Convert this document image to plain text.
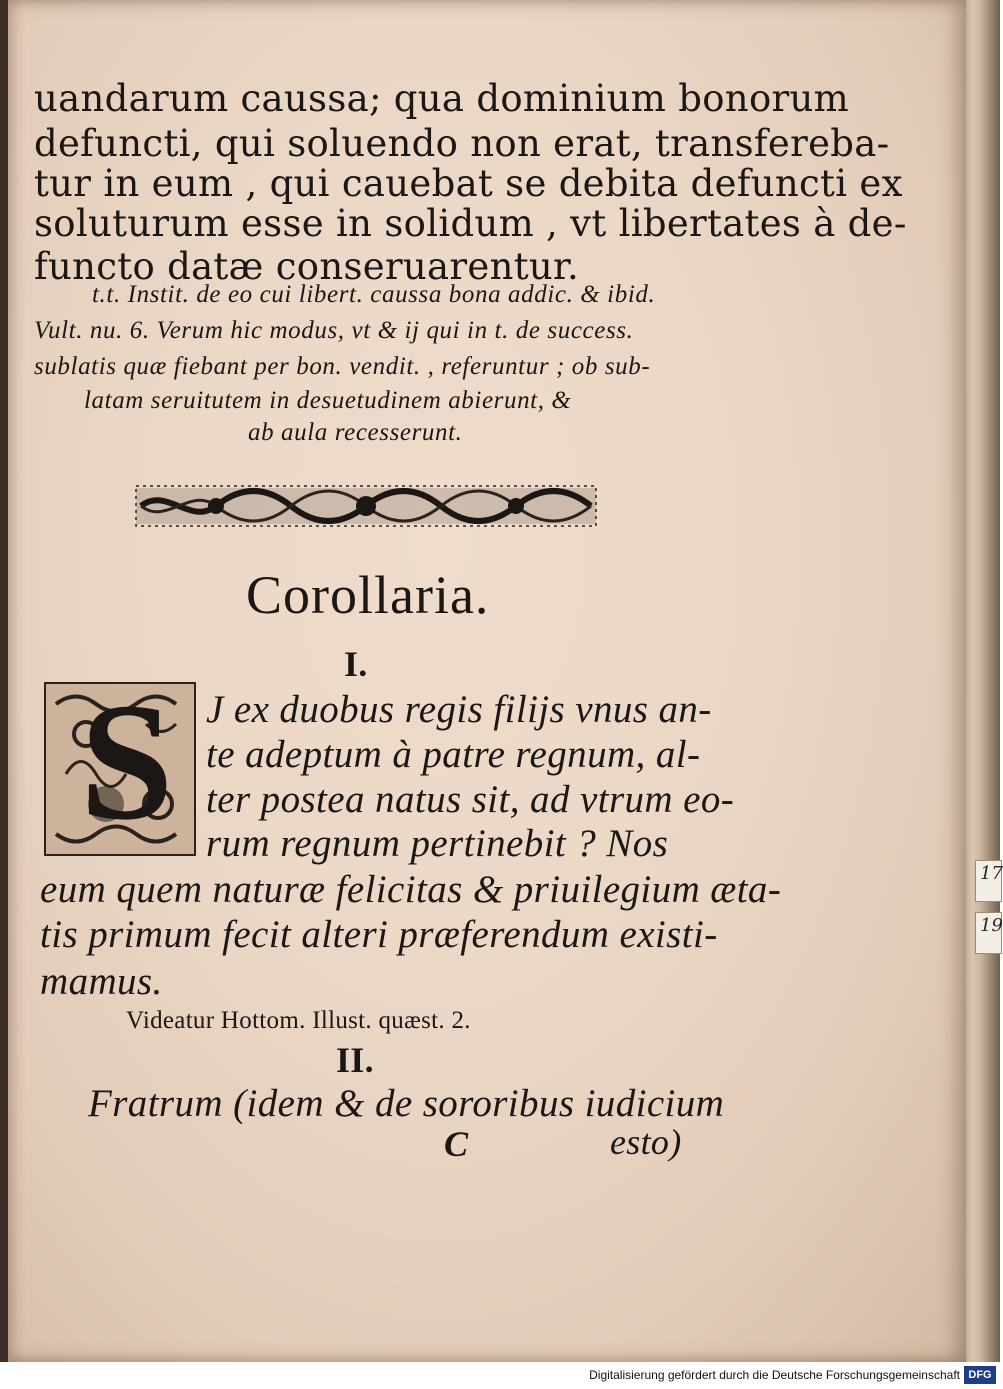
17
19
uandarum caussa; qua dominium bonorum
defuncti, qui soluendo non erat, transfereba-
tur in eum , qui cauebat se debita defuncti ex
soluturum esse in solidum , vt libertates à de-
functo datæ conseruarentur.
t.t. Instit. de eo cui libert. caussa bona addic. & ibid.
Vult. nu. 6. Verum hic modus, vt & ij qui in t. de success.
sublatis quæ fiebant per bon. vendit. , referuntur ; ob sub-
latam seruitutem in desuetudinem abierunt, &
ab aula recesserunt.
Corollaria.
I.
S J ex duobus regis filijs vnus an-
te adeptum à patre regnum, al-
ter postea natus sit, ad vtrum eo-
rum regnum pertinebit ? Nos
eum quem naturæ felicitas & priuilegium æta-
tis primum fecit alteri præferendum existi-
mamus.
Videatur Hottom. Illust. quæst. 2.
II.
Fratrum (idem & de sororibus iudicium
C	esto)
Digitalisierung gefördert durch die Deutsche Forschungsgemeinschaft DFG
